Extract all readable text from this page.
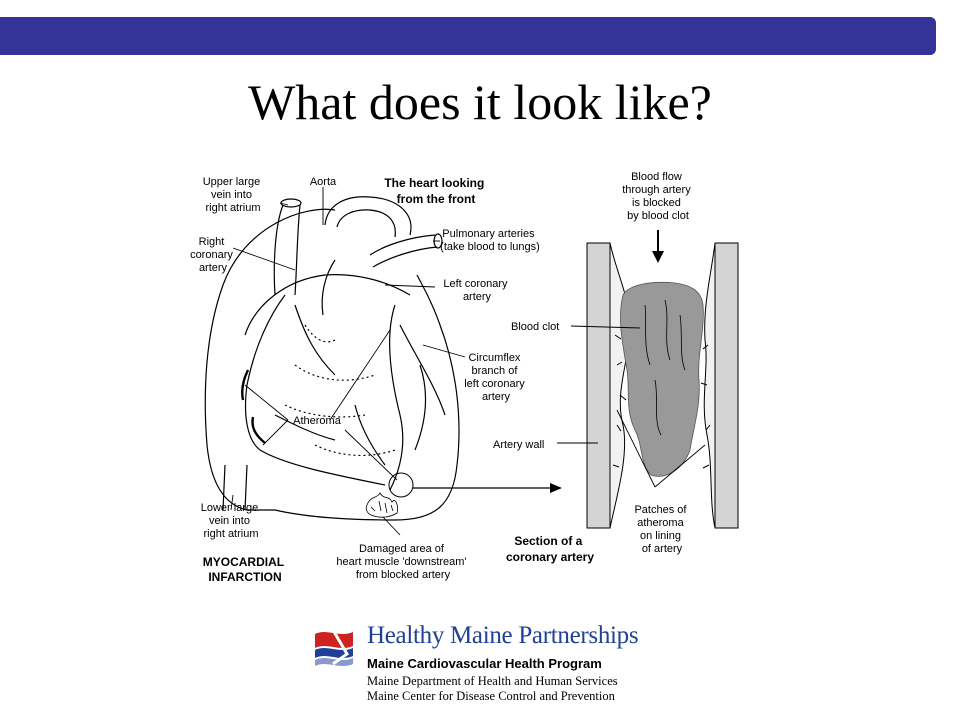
What does it look like?
Upper large vein into right atrium
Aorta	The heart looking from the front
Right coronary artery
Pulmonary arteries (take blood to lungs)
Left coronary artery
Blood clot
Circumflex branch of left coronary artery
Atheroma
Artery wall
Lower large vein into right atrium
MYOCARDIAL INFARCTION
Damaged area of heart muscle 'downstream' from blocked artery
Section of a coronary artery
Blood flow through artery is blocked by blood clot
Patches of atheroma on lining of artery
Healthy Maine Partnerships
Maine Cardiovascular Health Program
Maine Department of Health and Human Services
Maine Center for Disease Control and Prevention
